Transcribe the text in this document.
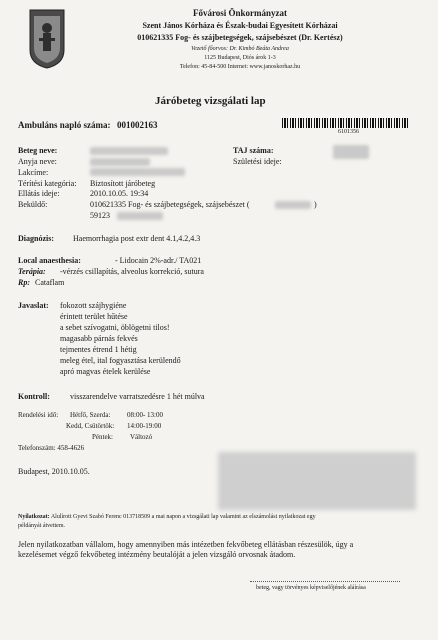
Fővárosi Önkormányzat
Szent János Kórháza és Észak-budai Egyesített Kórházai
010621335 Fog- és szájbetegségek, szájsebészet (Dr. Kertész)
Vezető főorvos: Dr. Kimbó Beáta Andrea
1125 Budapest, Diós árok 1-3
Telefon: 45-84-500 Internet: www.janoskorhaz.hu
Járóbeteg vizsgálati lap
Ambuláns napló száma: 001002163
6101356
Beteg neve:
Anyja neve:
Lakcíme:
TAJ száma:
Születési ideje:
Térítési kategória: Biztosított járóbeteg
Ellátás ideje:	2010.10.05. 19:34
Beküldő:	010621335 Fog- és szájbetegségek, szájsebészet (	)
59123
Diagnózis: Haemorrhagia post extr dent 4.1,4.2,4.3
Local anaesthesia:	- Lidocain 2%-adr./ TA021
Terápia: -vérzés csillapítás, alveolus korrekció, sutura
Rp: Cataflam
Javaslat: fokozott szájhygiéne
érintett terület hűtése
a sebet szívogatni, öblögetni tilos!
magasabb párnás fekvés
tejmentes étrend 1 hétig
meleg étel, ital fogyasztása kerülendő
apró magvas ételek kerülése
Kontroll:	visszarendelve varratszedésre 1 hét múlva
Rendelési idő: Hétfő, Szerda: 08:00- 13:00
Kedd, Csütörtök: 14:00-19:00
Péntek: Változó
Telefonszám: 458-4626
Budapest, 2010.10.05.
Nyilatkozat: Alulírott Gyevi Szabó Ferenc 013718509 a mai napon a vizsgálati lap valamint az elszámolási nyilatkozat egy
példányát átvettem.
Jelen nyilatkozatban vállalom, hogy amennyiben más intézetben fekvőbeteg ellátásban részesülök, úgy a
kezelésemet végző fekvőbeteg intézmény beutalóját a jelen vizsgáló orvosnak átadom.
beteg, vagy törvényes képviselőjének aláírása
